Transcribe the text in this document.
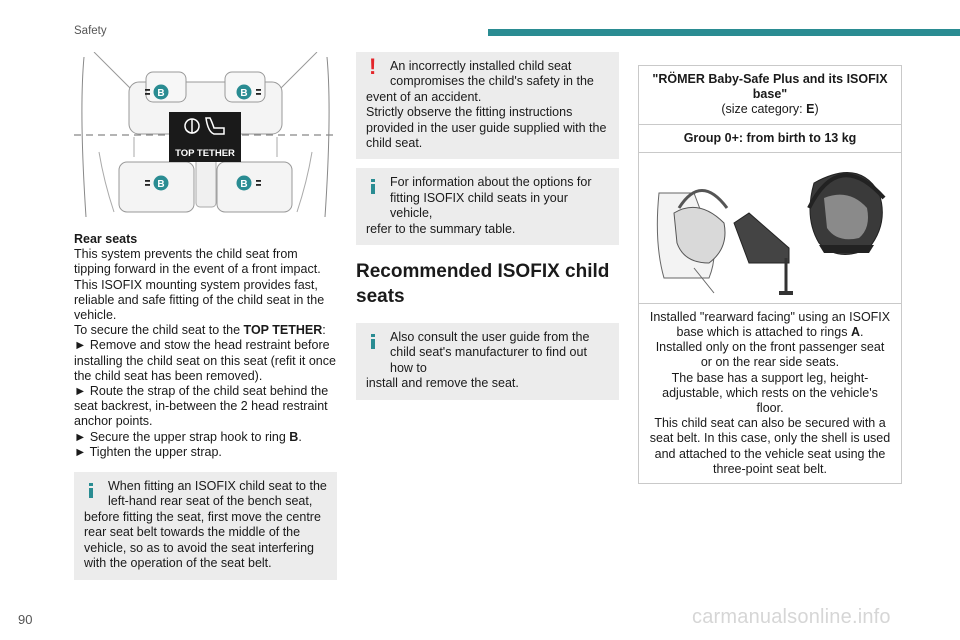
Safety
TOP TETHER
B	B
B	B

Rear seats

This system prevents the child seat from tipping forward in the event of a front impact.

This ISOFIX mounting system provides fast, reliable and safe fitting of the child seat in the vehicle.

To secure the child seat to the TOP TETHER:

► Remove and stow the head restraint before installing the child seat on this seat (refit it once the child seat has been removed).

► Route the strap of the child seat behind the seat backrest, in-between the 2 head restraint anchor points.

► Secure the upper strap hook to ring B.

► Tighten the upper strap.

When fitting an ISOFIX child seat to the left-hand rear seat of the bench seat,
before fitting the seat, first move the centre rear seat belt towards the middle of the vehicle, so as to avoid the seat interfering with the operation of the seat belt.
!	An incorrectly installed child seat compromises the child's safety in the
event of an accident.
Strictly observe the fitting instructions provided in the user guide supplied with the child seat.
For information about the options for fitting ISOFIX child seats in your vehicle,
refer to the summary table.

Recommended ISOFIX child seats

Also consult the user guide from the child seat's manufacturer to find out how to
install and remove the seat.
"RÖMER Baby-Safe Plus and its ISOFIX base"
(size category: E)
Group 0+: from birth to 13 kg
Installed "rearward facing" using an ISOFIX base which is attached to rings A.
Installed only on the front passenger seat or on the rear side seats.
The base has a support leg, height-adjustable, which rests on the vehicle's floor.
This child seat can also be secured with a seat belt. In this case, only the shell is used and attached to the vehicle seat using the three-point seat belt.
90	carmanualsonline.info
